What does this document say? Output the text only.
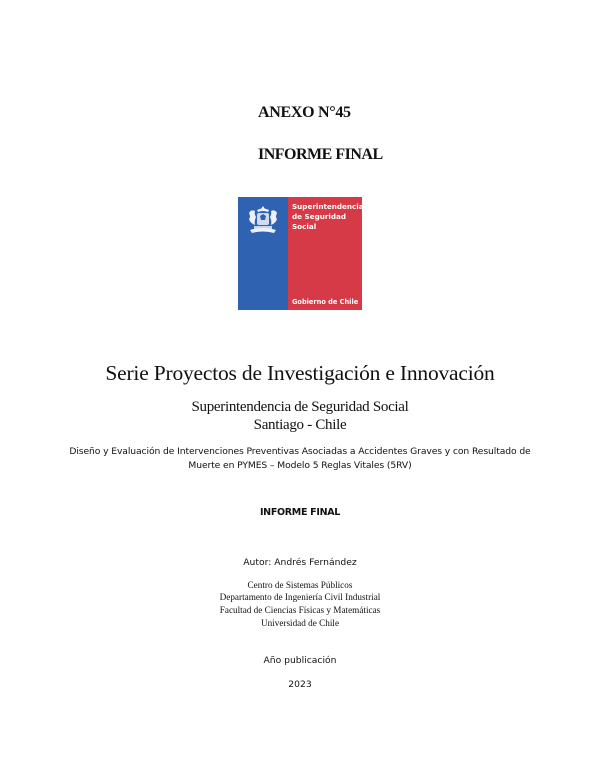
ANEXO N°45
INFORME FINAL
Superintendencia
de Seguridad
Social
Gobierno de Chile
Serie Proyectos de Investigación e Innovación
Superintendencia de Seguridad Social
Santiago - Chile
Diseño y Evaluación de Intervenciones Preventivas Asociadas a Accidentes Graves y con Resultado de
Muerte en PYMES – Modelo 5 Reglas Vitales (5RV)
INFORME FINAL
Autor: Andrés Fernández
Centro de Sistemas Públicos
Departamento de Ingeniería Civil Industrial
Facultad de Ciencias Físicas y Matemáticas
Universidad de Chile
Año publicación
2023
